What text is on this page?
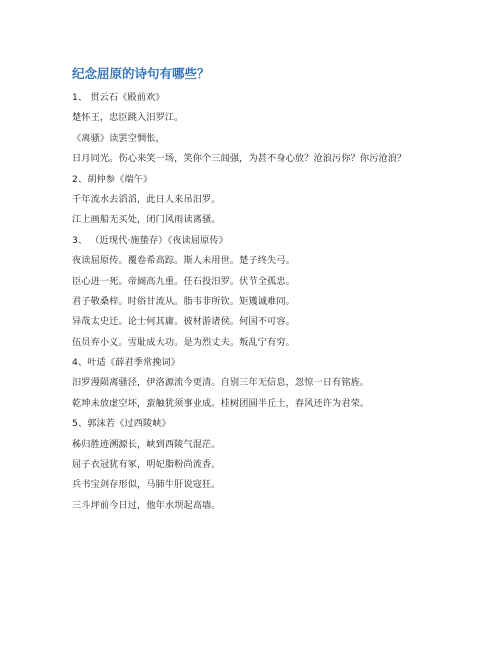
纪念屈原的诗句有哪些？
1、 贯云石《殿前欢》
楚怀王，忠臣跳入汨罗江。
《离骚》读罢空惆怅，
日月同光。伤心来笑一场，笑你个三闾强，为甚不身心放？沧浪污你？你污沧浪？
2、胡仲参《端午》
千年流水去滔滔，此日人来吊汨罗。
江上画船无买处，闭门风雨读离骚。
3、 （近现代·施蛰存）《夜读屈原传》
夜读屈原传。覆卷希高踪。斯人未用世。楚子终失弓。
臣心迸一死。帝阍高九重。任石投汨罗。伏节全孤忠。
君子敬桑梓。时俗甘流从。脂韦非所钦。矩矱诚难同。
异哉太史迁。论士何其庸。彼材游诸侯。何国不可容。
伍员弃小义。雪耻成大功。是为烈丈夫。叛乱宁有穷。
4、叶适《薛君季常挽词》
汨罗漫陨离骚泾，伊洛源流今更清。自别三年无信息，忽惊一日有铭旌。
乾坤未放虚空坏，蛮触犹须事业成。桂树团圆半丘土，春风还许为君荣。
5、郭沫若《过西陵峡》
秭归胜迹溯源长，峡到西陵气混茫。
屈子衣冠犹有冢，明妃脂粉尚流香。
兵书宝剑存形似，马肺牛肝说寇狂。
三斗坪前今日过，他年水坝起高墙。
